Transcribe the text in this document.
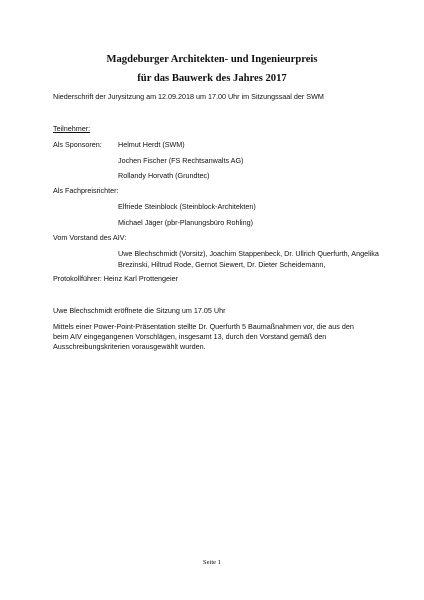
Magdeburger Architekten- und Ingenieurpreis
für das Bauwerk des Jahres 2017
Niederschrift der Jurysitzung am 12.09.2018 um 17.00 Uhr im Sitzungssaal der SWM
Teilnehmer:
Als Sponsoren: Helmut Herdt (SWM)
Jochen Fischer (FS Rechtsanwalts AG)
Rollandy Horvath (Grundtec)
Als Fachpreisrichter:
Elfriede Steinblock (Steinblock-Architekten)
Michael Jäger (pbr-Planungsbüro Rohling)
Vom Vorstand des AIV:
Uwe Blechschmidt (Vorsitz), Joachim Stappenbeck, Dr. Ullrich Querfurth, Angelika
Brezinski, Hiltrud Rode, Gernot Siewert, Dr. Dieter Scheidemann,
Protokollführer: Heinz Karl Prottengeier
Uwe Blechschmidt eröffnete die Sitzung um 17.05 Uhr
Mittels einer Power-Point-Präsentation stellte Dr. Querfurth 5 Baumaßnahmen vor, die aus den
beim AIV eingegangenen Vorschlägen, insgesamt 13, durch den Vorstand gemäß den
Ausschreibungskriterien vorausgewählt wurden.
Seite 1
